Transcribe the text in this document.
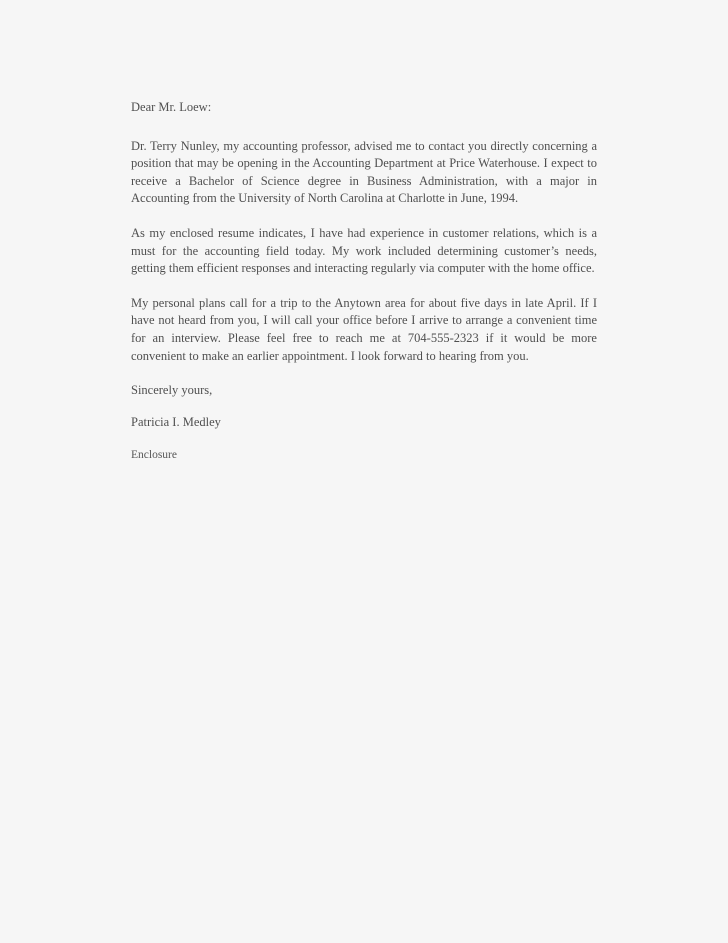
Dear Mr. Loew:

Dr. Terry Nunley, my accounting professor, advised me to contact you directly concerning a position that may be opening in the Accounting Department at Price Waterhouse. I expect to receive a Bachelor of Science degree in Business Administration, with a major in Accounting from the University of North Carolina at Charlotte in June, 1994.

As my enclosed resume indicates, I have had experience in customer relations, which is a must for the accounting field today. My work included determining customer’s needs, getting them efficient responses and interacting regularly via computer with the home office.

My personal plans call for a trip to the Anytown area for about five days in late April. If I have not heard from you, I will call your office before I arrive to arrange a convenient time for an interview. Please feel free to reach me at 704-555-2323 if it would be more convenient to make an earlier appointment. I look forward to hearing from you.

Sincerely yours,

Patricia I. Medley

Enclosure
